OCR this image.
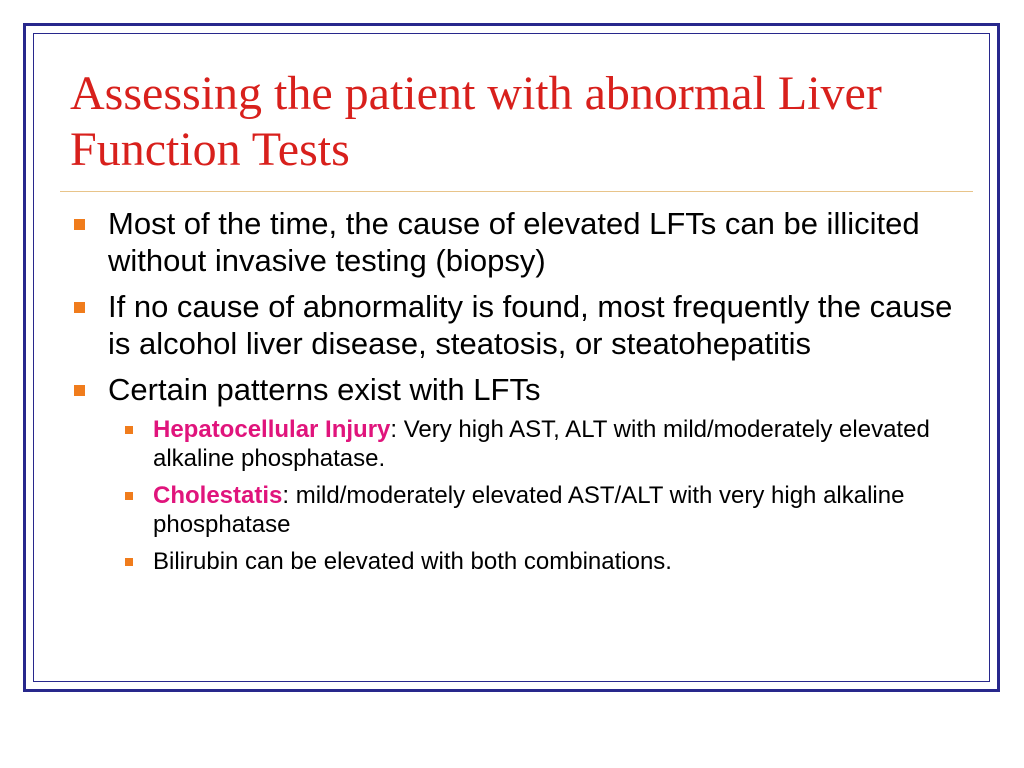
Assessing the patient with abnormal Liver Function Tests
Most of the time, the cause of elevated LFTs can be illicited without invasive testing (biopsy)
If no cause of abnormality is found, most frequently the cause is alcohol liver disease, steatosis, or steatohepatitis
Certain patterns exist with LFTs
Hepatocellular Injury: Very high AST, ALT with mild/moderately elevated alkaline phosphatase.
Cholestatis: mild/moderately elevated AST/ALT with very high alkaline phosphatase
Bilirubin can be elevated with both combinations.
